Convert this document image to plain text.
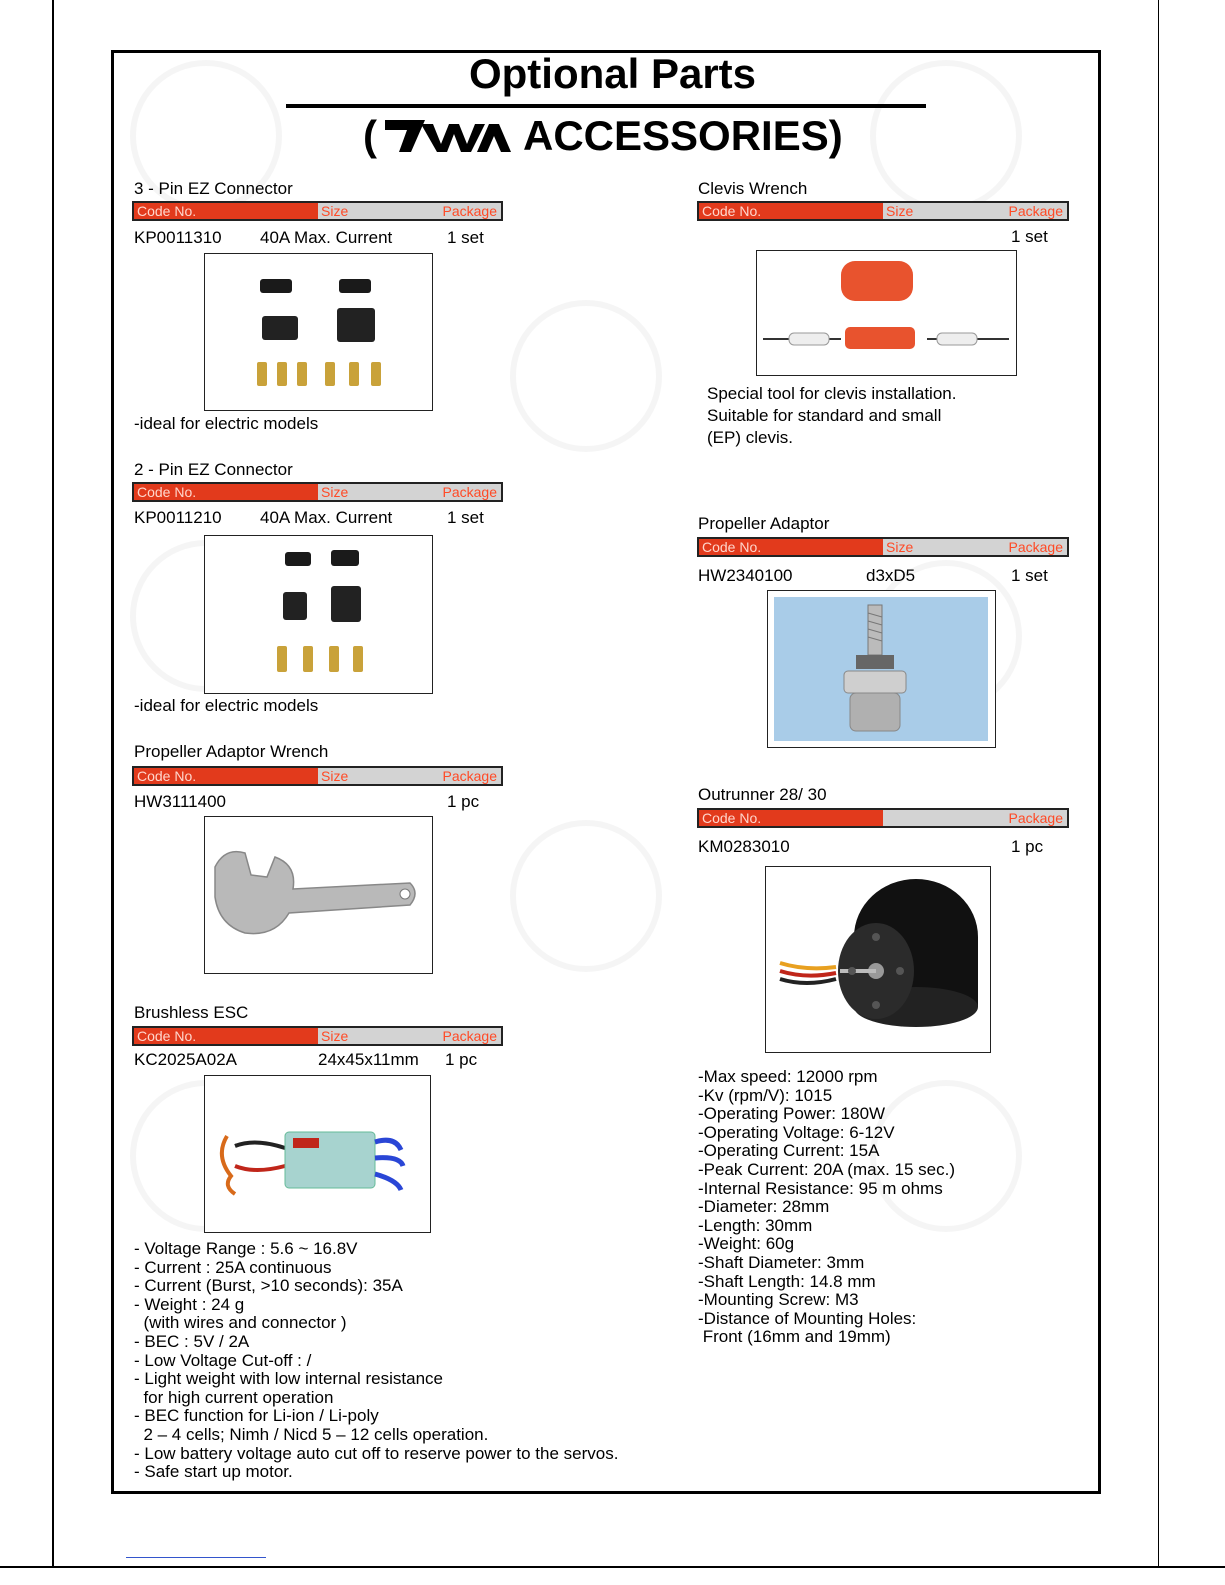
Optional Parts
(	ACCESSORIES)
3 - Pin EZ Connector
Code No.	Size	Package
KP0011310 40A Max. Current	1 set
-ideal for electric models
2 - Pin EZ Connector
Code No.	Size	Package
KP0011210 40A Max. Current	1 set
-ideal for electric models
Propeller Adaptor Wrench
Code No.	Size	Package
HW3111400	1 pc
Brushless ESC
Code No.	Size	Package
KC2025A02A	24x45x11mm 1 pc
- Voltage Range : 5.6 ~ 16.8V
- Current : 25A continuous
- Current (Burst, >10 seconds): 35A
- Weight : 24 g
(with wires and connector )
- BEC : 5V / 2A
- Low Voltage Cut-off : /
- Light weight with low internal resistance
for high current operation
- BEC function for Li-ion / Li-poly
2 – 4 cells; Nimh / Nicd 5 – 12 cells operation.
- Low battery voltage auto cut off to reserve power to the servos.
- Safe start up motor.
Clevis Wrench
Code No.	Size	Package
1 set
Special tool for clevis installation.
Suitable for standard and small
(EP) clevis.
Propeller Adaptor
Code No.	Size	Package
HW2340100	d3xD5	1 set
Outrunner 28/ 30
Code No.	Package
KM0283010	1 pc
-Max speed: 12000 rpm
-Kv (rpm/V): 1015
-Operating Power: 180W
-Operating Voltage: 6-12V
-Operating Current: 15A
-Peak Current: 20A (max. 15 sec.)
-Internal Resistance: 95 m ohms
-Diameter: 28mm
-Length: 30mm
-Weight: 60g
-Shaft Diameter: 3mm
-Shaft Length: 14.8 mm
-Mounting Screw: M3
-Distance of Mounting Holes:
Front (16mm and 19mm)
